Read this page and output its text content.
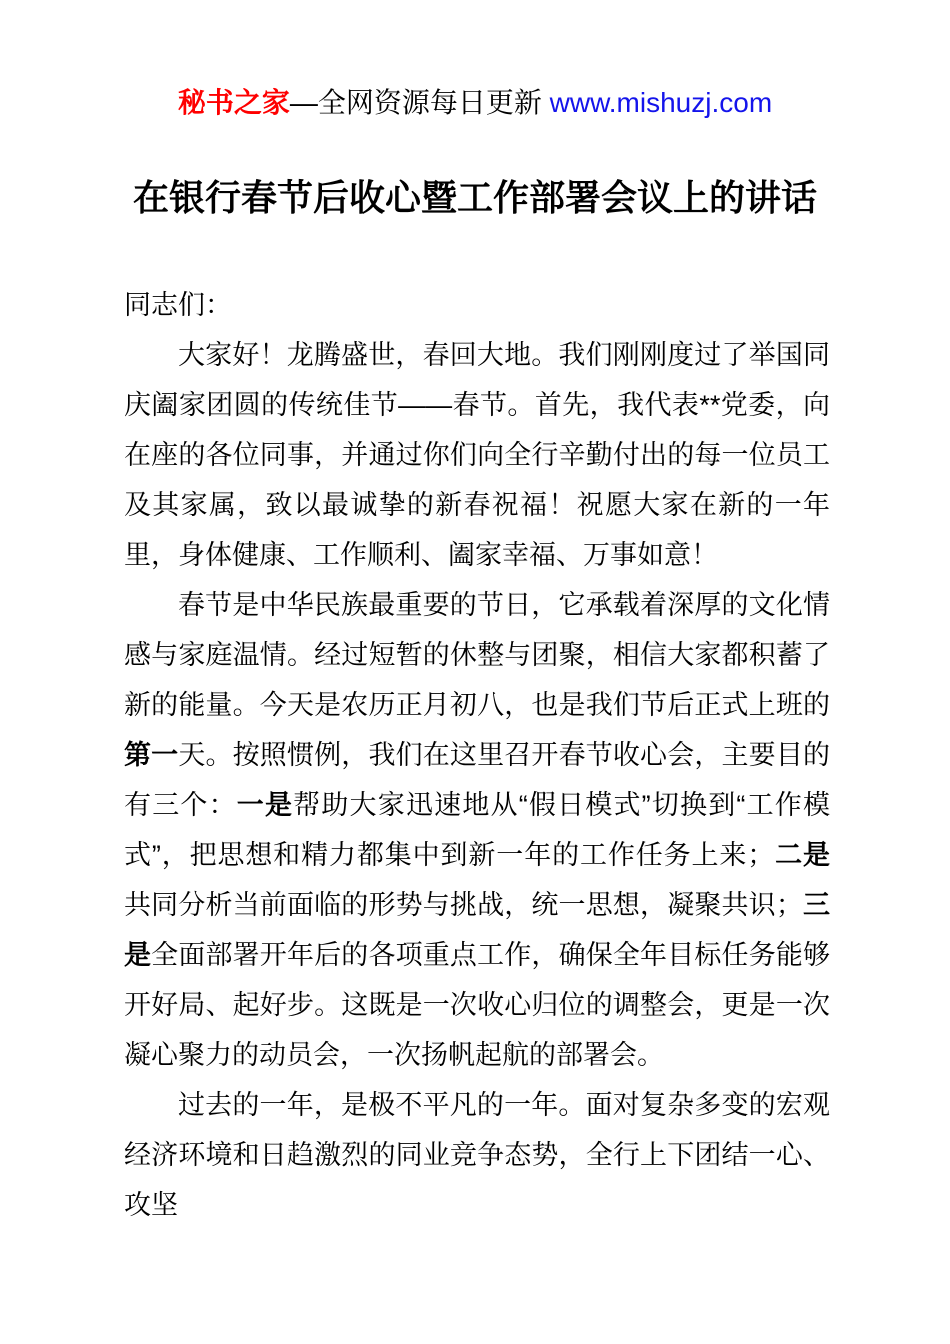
秘书之家—全网资源每日更新 www.mishuzj.com
在银行春节后收心暨工作部署会议上的讲话

同志们：

大家好！龙腾盛世，春回大地。我们刚刚度过了举国同庆阖家团圆的传统佳节——春节。首先，我代表**党委，向在座的各位同事，并通过你们向全行辛勤付出的每一位员工及其家属，致以最诚挚的新春祝福！祝愿大家在新的一年里，身体健康、工作顺利、阖家幸福、万事如意！

春节是中华民族最重要的节日，它承载着深厚的文化情感与家庭温情。经过短暂的休整与团聚，相信大家都积蓄了新的能量。今天是农历正月初八，也是我们节后正式上班的第一天。按照惯例，我们在这里召开春节收心会，主要目的有三个：一是帮助大家迅速地从“假日模式”切换到“工作模式”，把思想和精力都集中到新一年的工作任务上来；二是共同分析当前面临的形势与挑战，统一思想，凝聚共识；三是全面部署开年后的各项重点工作，确保全年目标任务能够开好局、起好步。这既是一次收心归位的调整会，更是一次凝心聚力的动员会，一次扬帆起航的部署会。

过去的一年，是极不平凡的一年。面对复杂多变的宏观经济环境和日趋激烈的同业竞争态势，全行上下团结一心、攻坚
